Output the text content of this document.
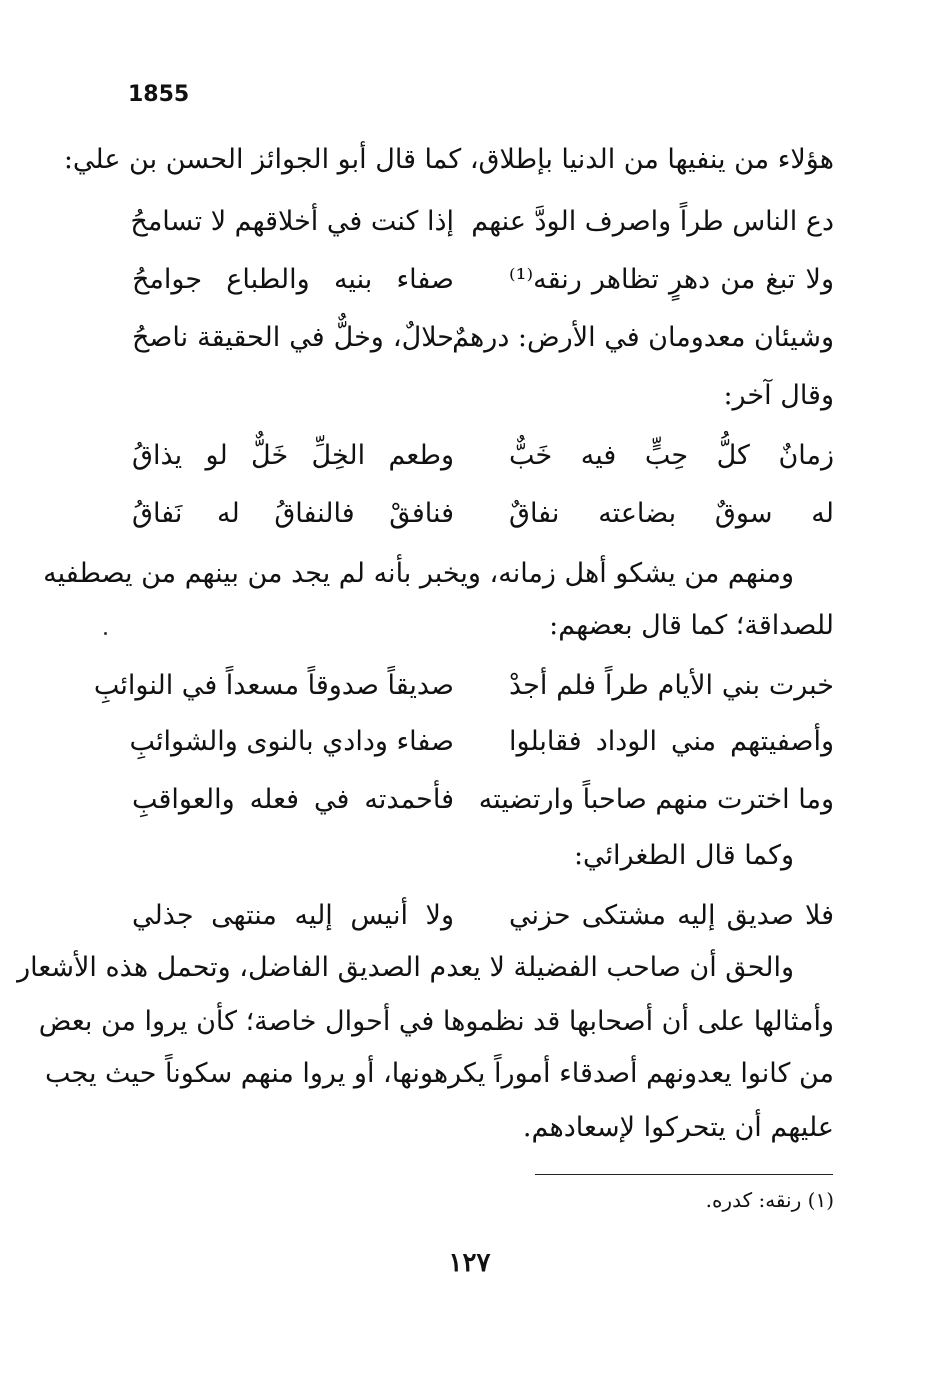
1855
هؤلاء من ينفيها من الدنيا بإطلاق، كما قال أبو الجوائز الحسن بن علي:
دع الناس طراً واصرف الودَّ عنهم
إذا كنت في أخلاقهم لا تسامحُ
ولا تبغ من دهرٍ تظاهر رنقه⁽¹⁾
صفاء بنيه والطباع جوامحُ
وشيئان معدومان في الأرض: درهمٌ
حلالٌ، وخلٌّ في الحقيقة ناصحُ
وقال آخر:
زمانٌ كلُّ حِبٍّ فيه خَبٌّ
وطعم الخِلِّ خَلٌّ لو يذاقُ
له سوقٌ بضاعته نفاقٌ
فنافقْ فالنفاقُ له نَفاقُ
ومنهم من يشكو أهل زمانه، ويخبر بأنه لم يجد من بينهم من يصطفيه
للصداقة؛ كما قال بعضهم:
خبرت بني الأيام طراً فلم أجدْ
صديقاً صدوقاً مسعداً في النوائبِ
وأصفيتهم مني الوداد فقابلوا
صفاء ودادي بالنوى والشوائبِ
وما اخترت منهم صاحباً وارتضيته
فأحمدته في فعله والعواقبِ
وكما قال الطغرائي:
فلا صديق إليه مشتكى حزني
ولا أنيس إليه منتهى جذلي
والحق أن صاحب الفضيلة لا يعدم الصديق الفاضل، وتحمل هذه الأشعار
وأمثالها على أن أصحابها قد نظموها في أحوال خاصة؛ كأن يروا من بعض
من كانوا يعدونهم أصدقاء أموراً يكرهونها، أو يروا منهم سكوناً حيث يجب
عليهم أن يتحركوا لإسعادهم.
(١) رنقه: كدره.
١٢٧
